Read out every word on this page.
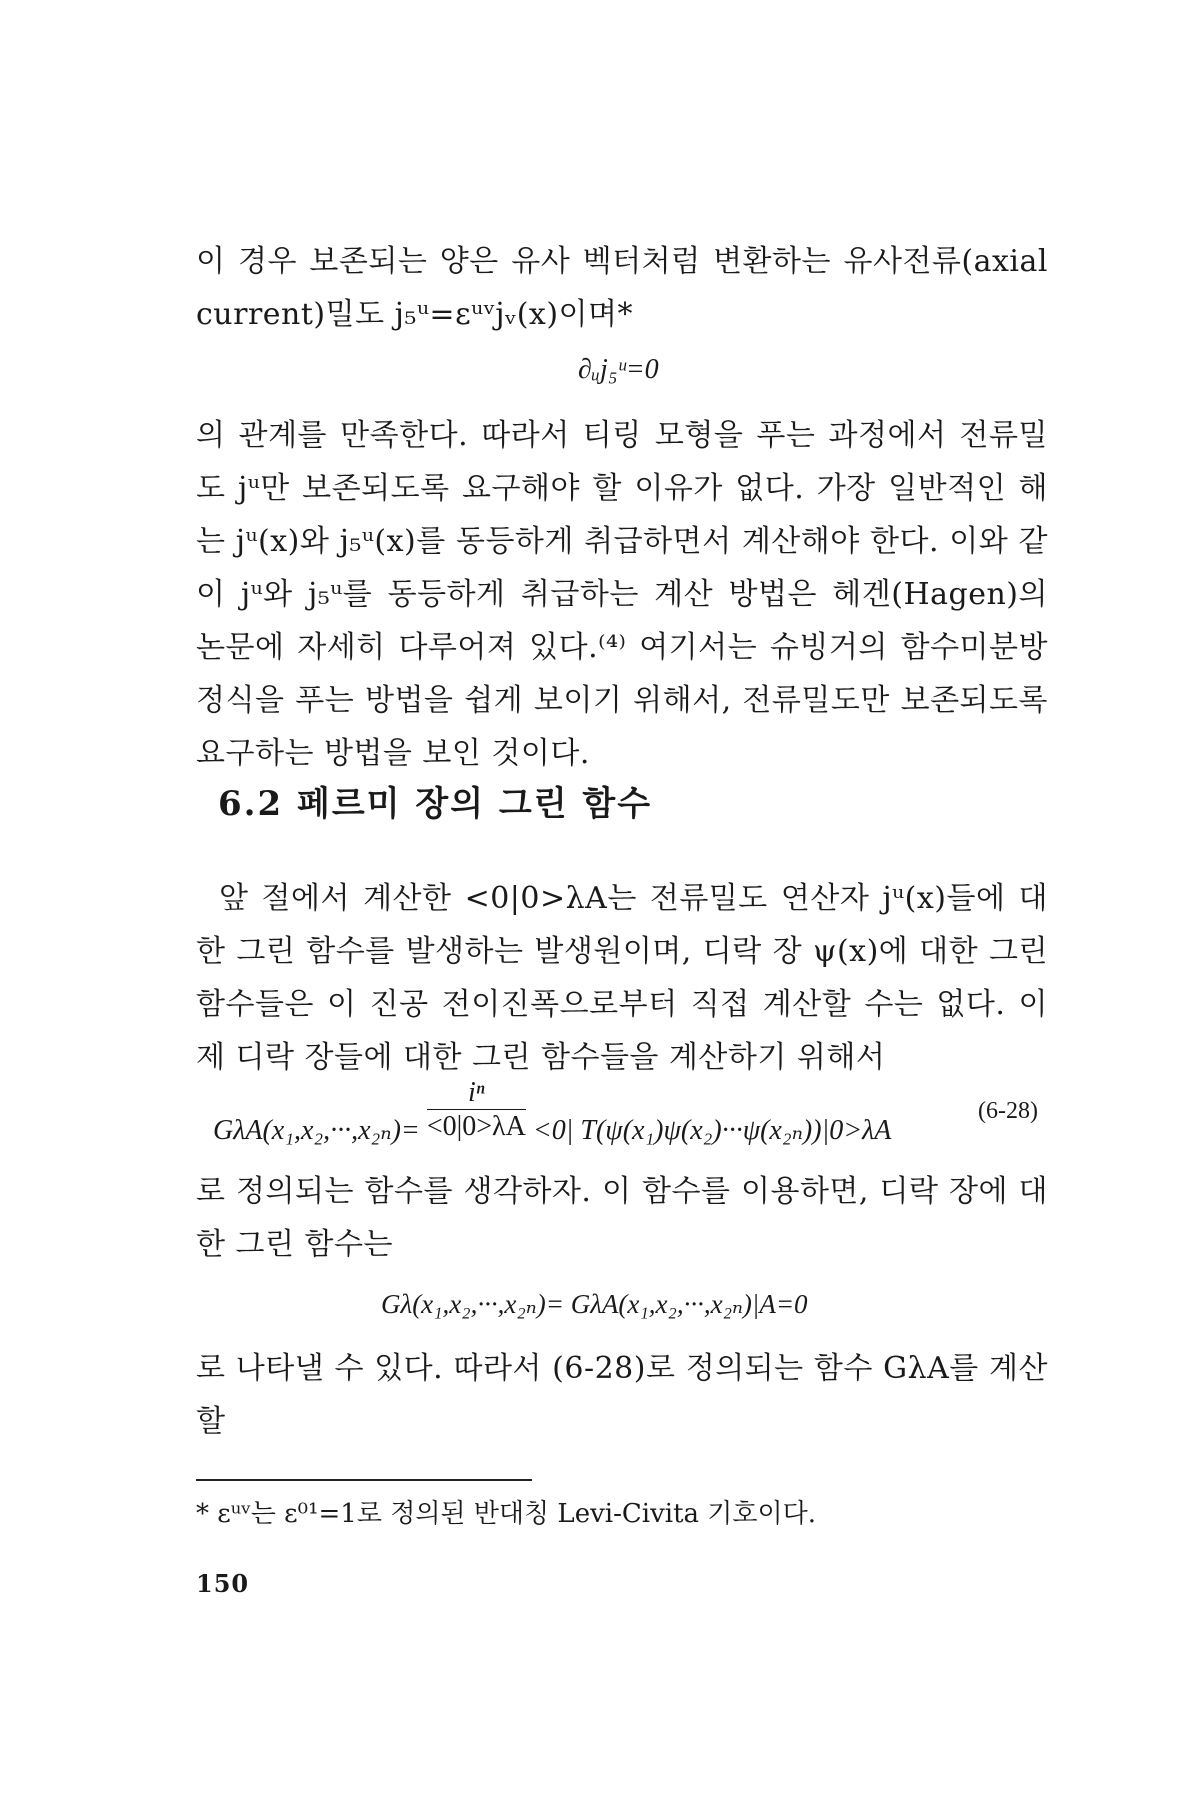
이 경우 보존되는 양은 유사 벡터처럼 변환하는 유사전류(axial current)밀도 j₅ᵘ=εᵘᵛjᵥ(x)이며*

∂ᵤj₅ᵘ=0

의 관계를 만족한다. 따라서 티링 모형을 푸는 과정에서 전류밀도 jᵘ만 보존되도록 요구해야 할 이유가 없다. 가장 일반적인 해는 jᵘ(x)와 j₅ᵘ(x)를 동등하게 취급하면서 계산해야 한다. 이와 같이 jᵘ와 j₅ᵘ를 동등하게 취급하는 계산 방법은 헤겐(Hagen)의 논문에 자세히 다루어져 있다.⁽⁴⁾ 여기서는 슈빙거의 함수미분방정식을 푸는 방법을 쉽게 보이기 위해서, 전류밀도만 보존되도록 요구하는 방법을 보인 것이다.

6.2 페르미 장의 그린 함수

앞 절에서 계산한 <0|0>λA는 전류밀도 연산자 jᵘ(x)들에 대한 그린 함수를 발생하는 발생원이며, 디락 장 ψ(x)에 대한 그린 함수들은 이 진공 전이진폭으로부터 직접 계산할 수는 없다. 이제 디락 장들에 대한 그린 함수들을 계산하기 위해서

$G\lambda A(x_1,x_2,\cdot\cdot\cdot,x_{2n})= \frac{\text{iⁿ}}{<0|0>\lambda A} <0|$ T(ψ(x₁)ψ(x₂)···ψ(x₂ₙ))|0>λA
(6-28)

로 정의되는 함수를 생각하자. 이 함수를 이용하면, 디락 장에 대한 그린 함수는

Gλ(x₁,x₂,···,x₂ₙ)= GλA(x₁,x₂,···,x₂ₙ)|A=0

로 나타낼 수 있다. 따라서 (6-28)로 정의되는 함수 GλA를 계산할

* εᵘᵛ는 ε⁰¹=1로 정의된 반대칭 Levi-Civita 기호이다.
150
